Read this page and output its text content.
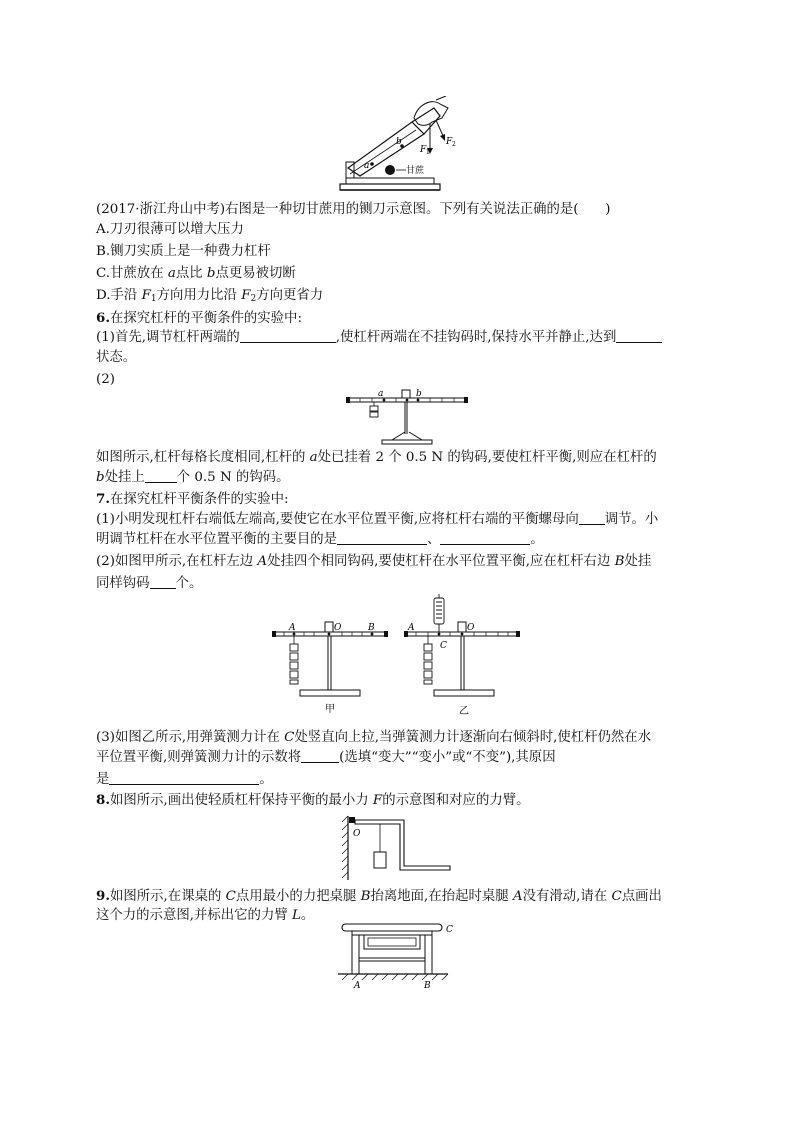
a
b
F 1
F 2
甘蔗
(2017·浙江舟山中考)右图是一种切甘蔗用的铡刀示意图。下列有关说法正确的是(　　)
A.刀刃很薄可以增大压力
B.铡刀实质上是一种费力杠杆
C.甘蔗放在 a点比 b点更易被切断
D.手沿 $F_1$方向用力比沿 $F_2$方向更省力
6.在探究杠杆的平衡条件的实验中:
(1)首先,调节杠杆两端的	,使杠杆两端在不挂钩码时,保持水平并静止,达到
状态。
(2)
a	b
如图所示,杠杆每格长度相同,杠杆的 a处已挂着 2 个 0.5 N 的钩码,要使杠杆平衡,则应在杠杆的
b处挂上 个 0.5 N 的钩码。
7.在探究杠杆平衡条件的实验中:
(1)小明发现杠杆右端低左端高,要使它在水平位置平衡,应将杠杆右端的平衡螺母向 调节。小
明调节杠杆在水平位置平衡的主要目的是	、	。
(2)如图甲所示,在杠杆左边 A处挂四个相同钩码,要使杠杆在水平位置平衡,应在杠杆右边 B处挂
同样钩码 个。
A	O	B
甲
A	O
C
乙
(3)如图乙所示,用弹簧测力计在 C处竖直向上拉,当弹簧测力计逐渐向右倾斜时,使杠杆仍然在水
平位置平衡,则弹簧测力计的示数将	(选填“变大”“变小”或“不变”),其原因
是	。
8.如图所示,画出使轻质杠杆保持平衡的最小力 F的示意图和对应的力臂。
O
9.如图所示,在课桌的 C点用最小的力把桌腿 B抬离地面,在抬起时桌腿 A没有滑动,请在 C点画出
这个力的示意图,并标出它的力臂 L。
C
A	B
